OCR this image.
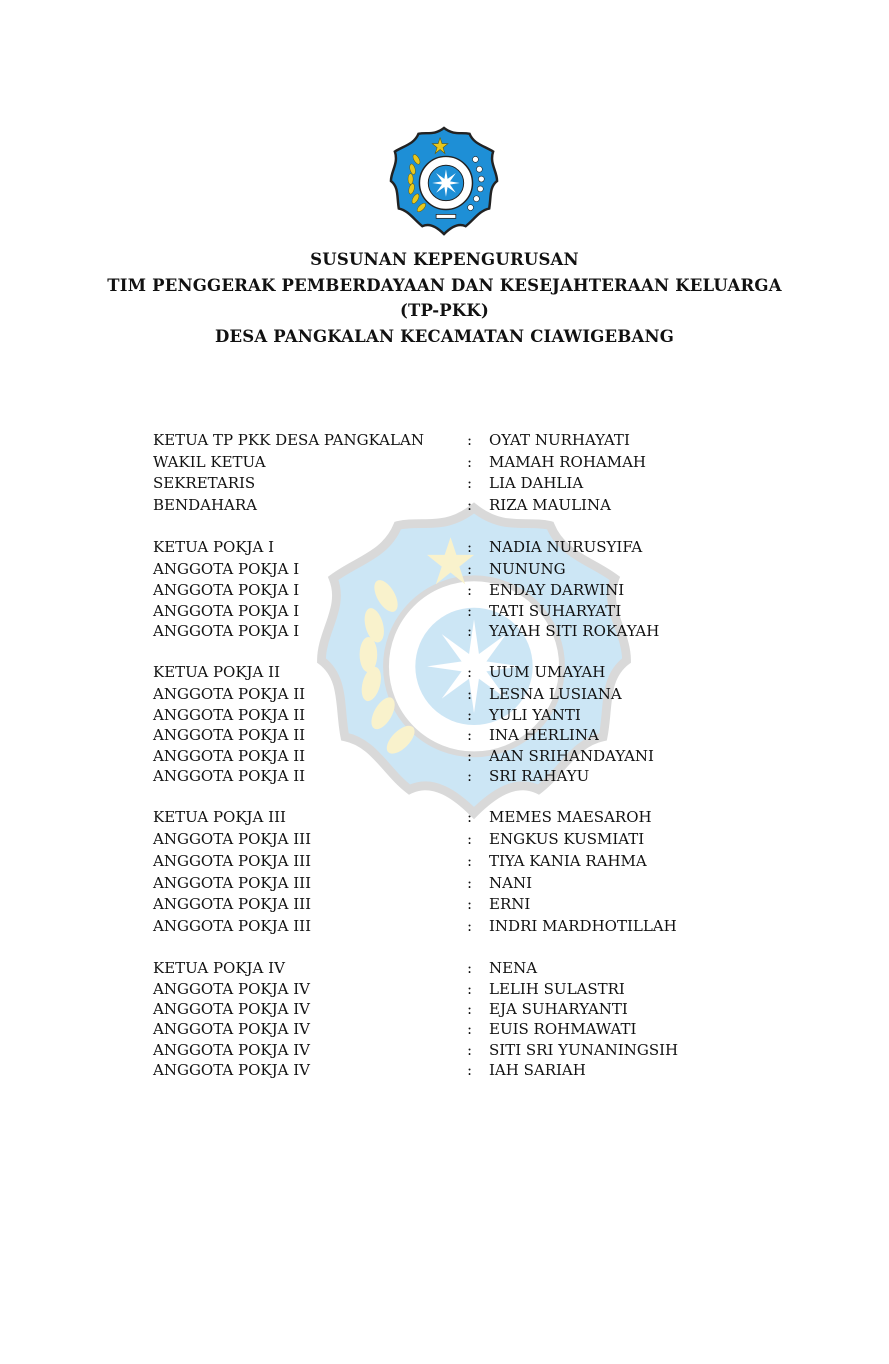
SUSUNAN KEPENGURUSAN
TIM PENGGERAK PEMBERDAYAAN DAN KESEJAHTERAAN KELUARGA
(TP-PKK)
DESA PANGKALAN KECAMATAN CIAWIGEBANG
KETUA TP PKK DESA PANGKALAN	: OYAT NURHAYATI
WAKIL KETUA	: MAMAH ROHAMAH
SEKRETARIS	: LIA DAHLIA
BENDAHARA	: RIZA MAULINA
KETUA POKJA I	: NADIA NURUSYIFA
ANGGOTA POKJA I	: NUNUNG
ANGGOTA POKJA I	: ENDAY DARWINI
ANGGOTA POKJA I	: TATI SUHARYATI
ANGGOTA POKJA I	: YAYAH SITI ROKAYAH
KETUA POKJA II	: UUM UMAYAH
ANGGOTA POKJA II	: LESNA LUSIANA
ANGGOTA POKJA II	: YULI YANTI
ANGGOTA POKJA II	: INA HERLINA
ANGGOTA POKJA II	: AAN SRIHANDAYANI
ANGGOTA POKJA II	: SRI RAHAYU
KETUA POKJA III	: MEMES MAESAROH
ANGGOTA POKJA III	: ENGKUS KUSMIATI
ANGGOTA POKJA III	: TIYA KANIA RAHMA
ANGGOTA POKJA III	: NANI
ANGGOTA POKJA III	: ERNI
ANGGOTA POKJA III	: INDRI MARDHOTILLAH
KETUA POKJA IV	: NENA
ANGGOTA POKJA IV	: LELIH SULASTRI
ANGGOTA POKJA IV	: EJA SUHARYANTI
ANGGOTA POKJA IV	: EUIS ROHMAWATI
ANGGOTA POKJA IV	: SITI SRI YUNANINGSIH
ANGGOTA POKJA IV	: IAH SARIAH
